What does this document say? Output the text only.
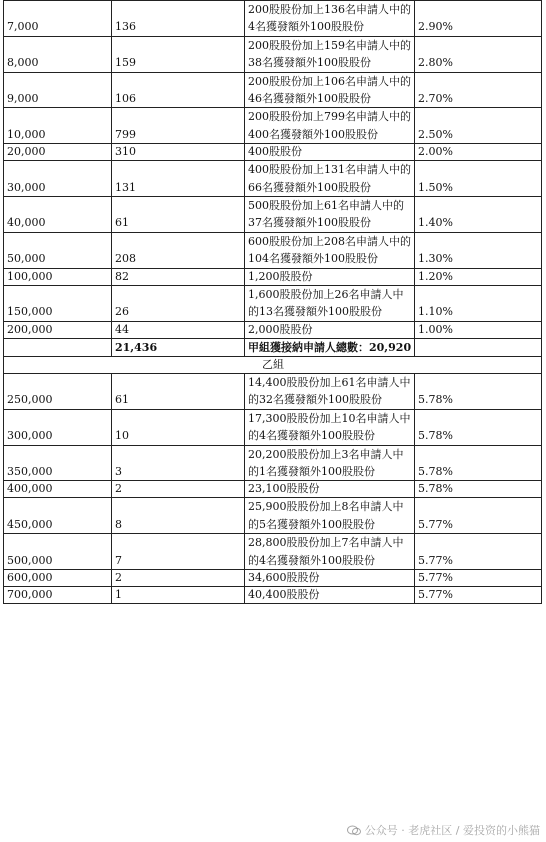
7,000	136	200股股份加上136名申請人中的4名獲發額外100股股份	2.90%
8,000	159	200股股份加上159名申請人中的38名獲發額外100股股份	2.80%
9,000	106	200股股份加上106名申請人中的46名獲發額外100股股份	2.70%
10,000	799	200股股份加上799名申請人中的400名獲發額外100股股份	2.50%
20,000	310	400股股份	2.00%
30,000	131	400股股份加上131名申請人中的66名獲發額外100股股份	1.50%
40,000	61	500股股份加上61名申請人中的37名獲發額外100股股份	1.40%
50,000	208	600股股份加上208名申請人中的104名獲發額外100股股份	1.30%
100,000	82	1,200股股份	1.20%
150,000	26	1,600股股份加上26名申請人中的13名獲發額外100股股份	1.10%
200,000	44	2,000股股份	1.00%
	21,436	甲組獲接納申請人總數：20,920	
乙組			
250,000	61	14,400股股份加上61名申請人中的32名獲發額外100股股份	5.78%
300,000	10	17,300股股份加上10名申請人中的4名獲發額外100股股份	5.78%
350,000	3	20,200股股份加上3名申請人中的1名獲發額外100股股份	5.78%
400,000	2	23,100股股份	5.78%
450,000	8	25,900股股份加上8名申請人中的5名獲發額外100股股份	5.77%
500,000	7	28,800股股份加上7名申請人中的4名獲發額外100股股份	5.77%
600,000	2	34,600股股份	5.77%
700,000	1	40,400股股份	5.77%
公众号 · 老虎社区 / 爱投资的小熊猫
